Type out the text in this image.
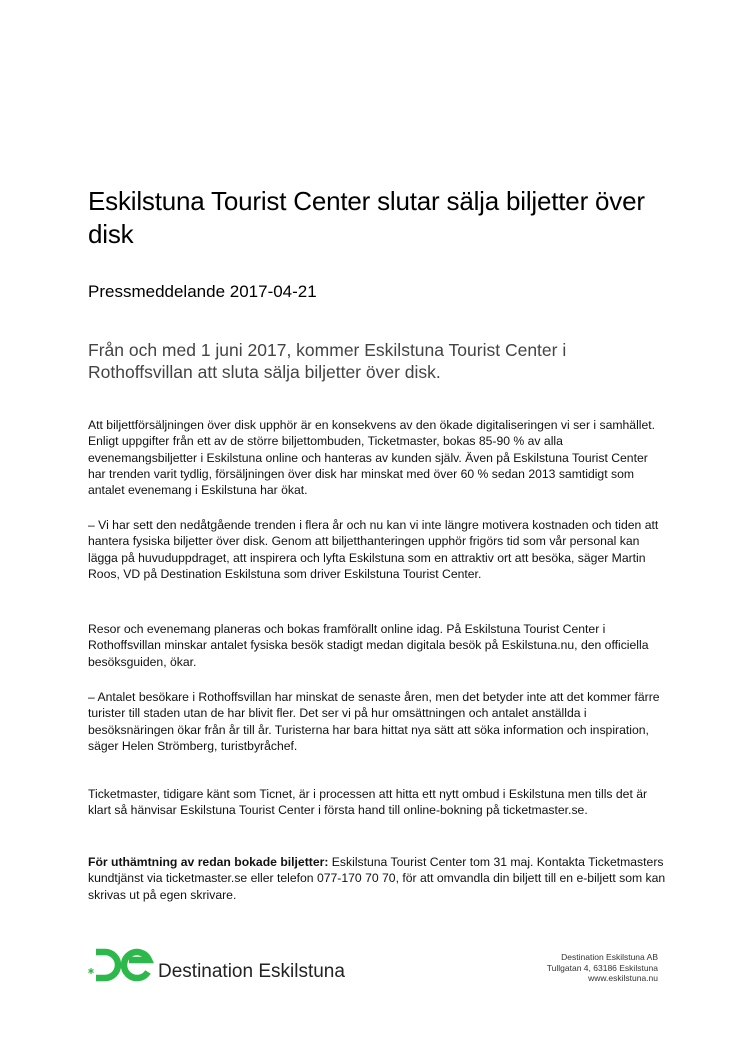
Eskilstuna Tourist Center slutar sälja biljetter över disk

Pressmeddelande 2017-04-21

Från och med 1 juni 2017, kommer Eskilstuna Tourist Center i Rothoffsvillan att sluta sälja biljetter över disk.

Att biljettförsäljningen över disk upphör är en konsekvens av den ökade digitaliseringen vi ser i samhället. Enligt uppgifter från ett av de större biljettombuden, Ticketmaster, bokas 85-90 % av alla evenemangsbiljetter i Eskilstuna online och hanteras av kunden själv. Även på Eskilstuna Tourist Center har trenden varit tydlig, försäljningen över disk har minskat med över 60 % sedan 2013 samtidigt som antalet evenemang i Eskilstuna har ökat.

– Vi har sett den nedåtgående trenden i flera år och nu kan vi inte längre motivera kostnaden och tiden att hantera fysiska biljetter över disk. Genom att biljetthanteringen upphör frigörs tid som vår personal kan lägga på huvuduppdraget, att inspirera och lyfta Eskilstuna som en attraktiv ort att besöka, säger Martin Roos, VD på Destination Eskilstuna som driver Eskilstuna Tourist Center.

Resor och evenemang planeras och bokas framförallt online idag. På Eskilstuna Tourist Center i Rothoffsvillan minskar antalet fysiska besök stadigt medan digitala besök på Eskilstuna.nu, den officiella besöksguiden, ökar.

– Antalet besökare i Rothoffsvillan har minskat de senaste åren, men det betyder inte att det kommer färre turister till staden utan de har blivit fler. Det ser vi på hur omsättningen och antalet anställda i besöksnäringen ökar från år till år. Turisterna har bara hittat nya sätt att söka information och inspiration, säger Helen Strömberg, turistbyråchef.

Ticketmaster, tidigare känt som Ticnet, är i processen att hitta ett nytt ombud i Eskilstuna men tills det är klart så hänvisar Eskilstuna Tourist Center i första hand till online-bokning på ticketmaster.se.

För uthämtning av redan bokade biljetter: Eskilstuna Tourist Center tom 31 maj. Kontakta Ticketmasters kundtjänst via ticketmaster.se eller telefon 077-170 70 70, för att omvandla din biljett till en e-biljett som kan skrivas ut på egen skrivare.

Destination Eskilstuna
Destination Eskilstuna AB
Tullgatan 4, 63186 Eskilstuna
www.eskilstuna.nu
